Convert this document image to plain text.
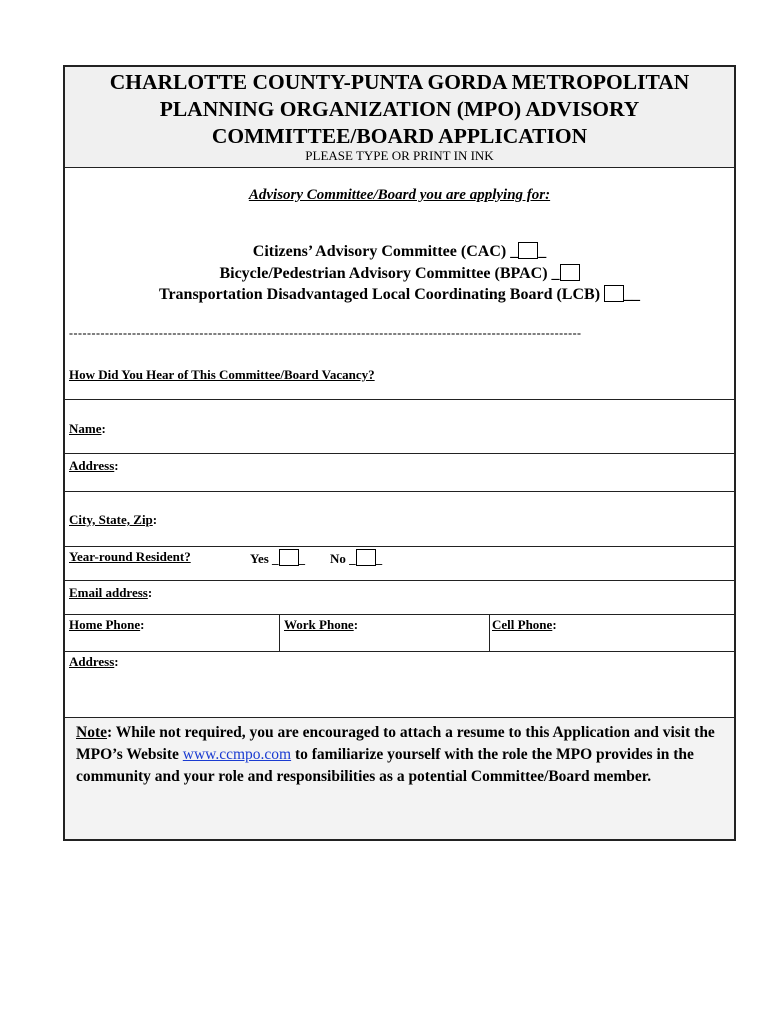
CHARLOTTE COUNTY-PUNTA GORDA METROPOLITAN
PLANNING ORGANIZATION (MPO) ADVISORY
COMMITTEE/BOARD APPLICATION
PLEASE TYPE OR PRINT IN INK
Advisory Committee/Board you are applying for:
Citizens’ Advisory Committee (CAC) _ _
Bicycle/Pedestrian Advisory Committee (BPAC) _
Transportation Disadvantaged Local Coordinating Board (LCB) __
------------------------------------------------------------------------------------------------------------------
How Did You Hear of This Committee/Board Vacancy?
Name:
Address:
City, State, Zip:
Year-round Resident?	Yes _ _ No _ _
Email address:
Home Phone:	Work Phone:	Cell Phone:
Address:
Note: While not required, you are encouraged to attach a resume to this Application and visit the MPO’s Website www.ccmpo.com to familiarize yourself with the role the MPO provides in the community and your role and responsibilities as a potential Committee/Board member.
